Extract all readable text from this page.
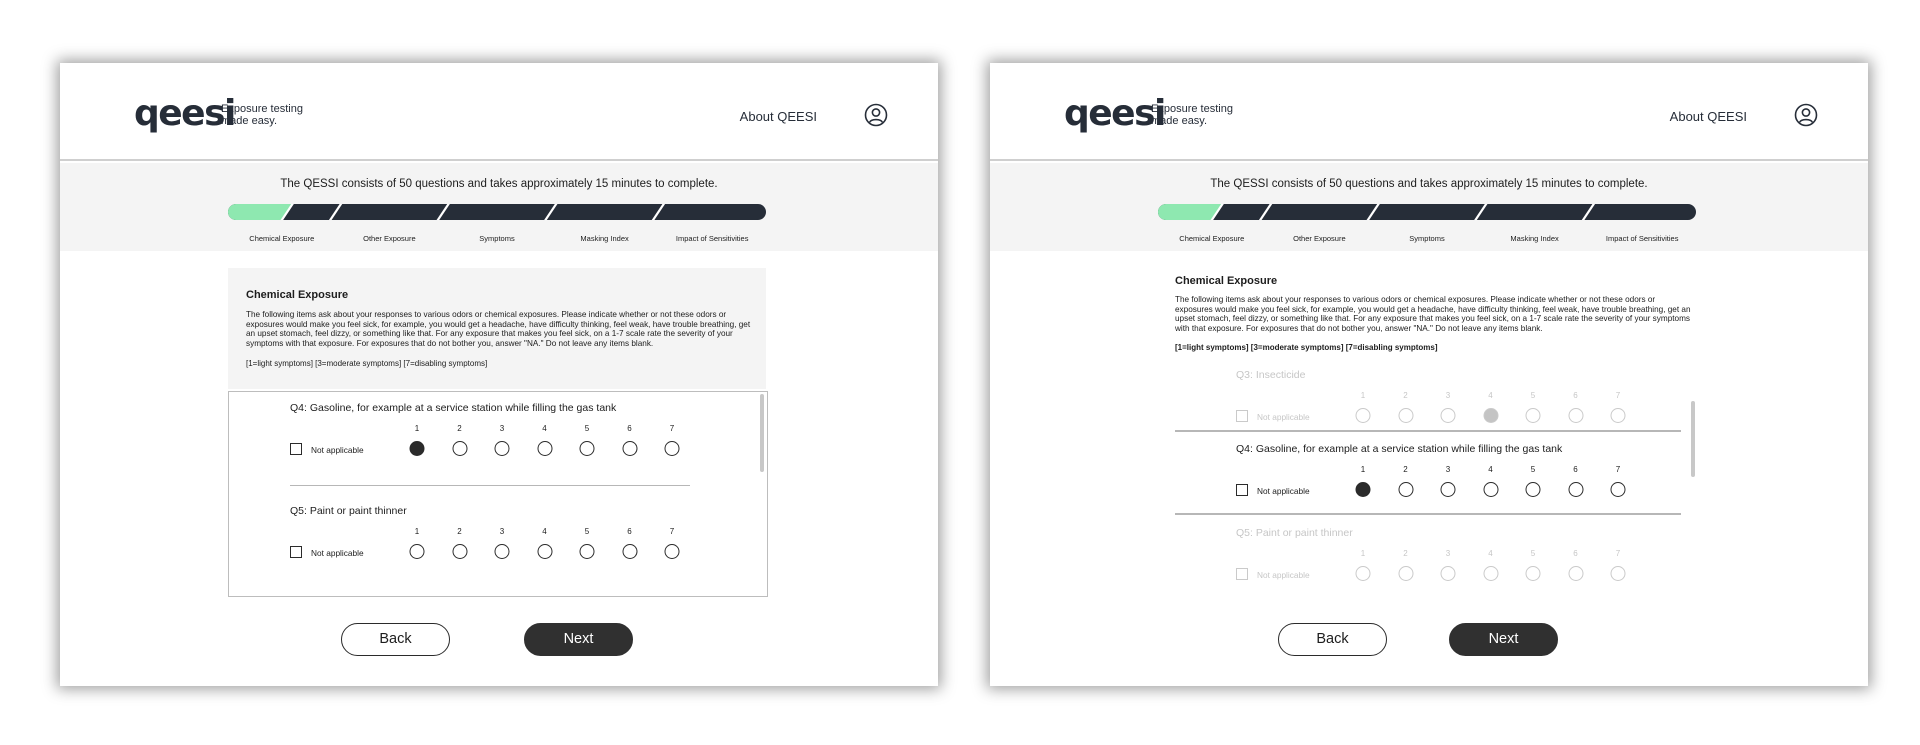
qeesi
Exposure testing
made easy.	About QEESI
The QESSI consists of 50 questions and takes approximately 15 minutes to complete.
Chemical Exposure	Other Exposure	Symptoms	Masking Index	Impact of Sensitivities
Chemical Exposure

The following items ask about your responses to various odors or chemical exposures. Please indicate whether or not these odors or exposures would make you feel sick, for example, you would get a headache, have difficulty thinking, feel weak, have trouble breathing, get an upset stomach, feel dizzy, or something like that. For any exposure that makes you feel sick, on a 1-7 scale rate the severity of your symptoms with that exposure. For exposures that do not bother you, answer "NA." Do not leave any items blank.

[1=light symptoms] [3=moderate symptoms] [7=disabling symptoms]

Q4: Gasoline, for example at a service station while filling the gas tank
Not applicable
1	2	3	4	5	6	7
Q5: Paint or paint thinner
Not applicable
1	2	3	4	5	6	7
Back	Next
qeesi
Exposure testing
made easy.	About QEESI
The QESSI consists of 50 questions and takes approximately 15 minutes to complete.
Chemical Exposure	Other Exposure	Symptoms	Masking Index	Impact of Sensitivities
Chemical Exposure

The following items ask about your responses to various odors or chemical exposures. Please indicate whether or not these odors or exposures would make you feel sick, for example, you would get a headache, have difficulty thinking, feel weak, have trouble breathing, get an upset stomach, feel dizzy, or something like that. For any exposure that makes you feel sick, on a 1-7 scale rate the severity of your symptoms with that exposure. For exposures that do not bother you, answer "NA." Do not leave any items blank.

[1=light symptoms] [3=moderate symptoms] [7=disabling symptoms]

Q3: Insecticide
Not applicable
1	2	3	4	5	6	7
Q4: Gasoline, for example at a service station while filling the gas tank
Not applicable
1	2	3	4	5	6	7
Q5: Paint or paint thinner
Not applicable
1	2	3	4	5	6	7
Back	Next
